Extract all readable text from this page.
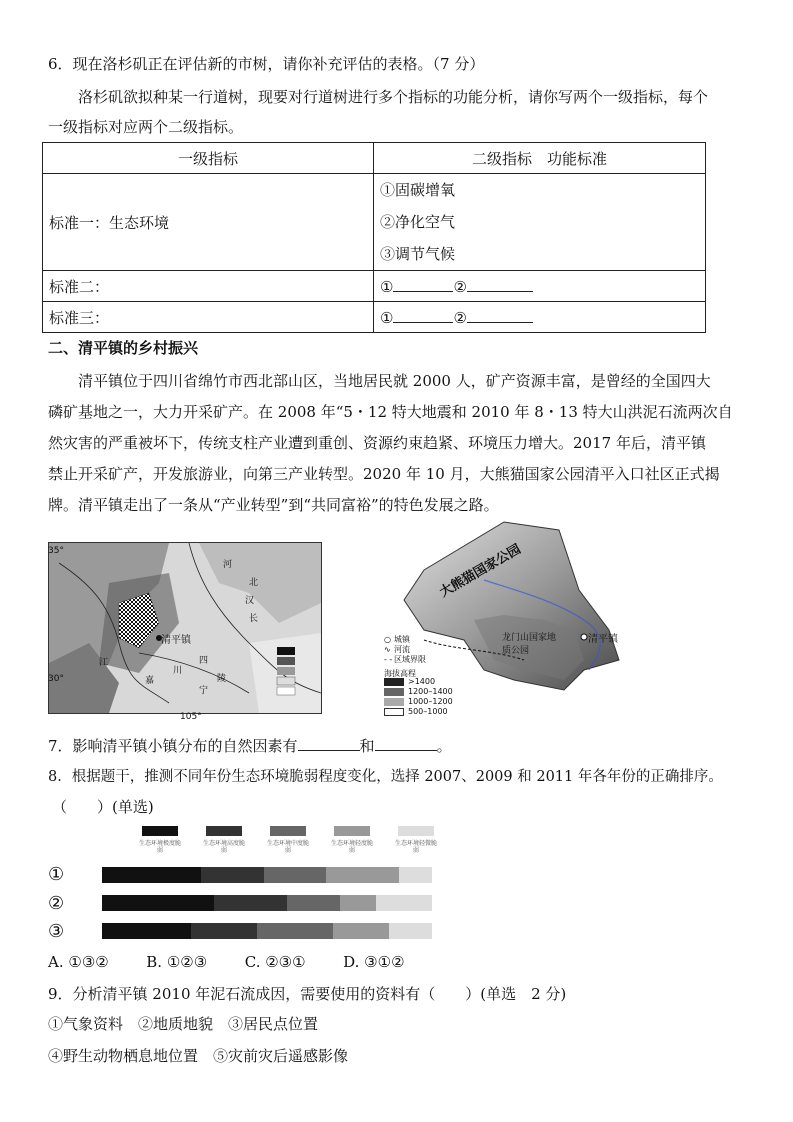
6．现在洛杉矶正在评估新的市树，请你补充评估的表格。（7 分）
洛杉矶欲拟种某一行道树，现要对行道树进行多个指标的功能分析，请你写两个一级指标，每个
一级指标对应两个二级指标。
一级指标	二级指标　功能标准
标准一：生态环境	①固碳增氧
②净化空气
③调节气候

标准二：	① ②
标准三：	① ②
二、清平镇的乡村振兴
清平镇位于四川省绵竹市西北部山区，当地居民就 2000 人，矿产资源丰富，是曾经的全国四大
磷矿基地之一，大力开采矿产。在 2008 年“5・12 特大地震和 2010 年 8・13 特大山洪泥石流两次自
然灾害的严重被坏下，传统支柱产业遭到重创、资源约束趋紧、环境压力增大。2017 年后，清平镇
禁止开采矿产，开发旅游业，向第三产业转型。2020 年 10 月，大熊猫国家公园清平入口社区正式揭
牌。清平镇走出了一条从“产业转型”到“共同富裕”的特色发展之路。
清平镇
河
北
汉
四
川
江
嘉	陵
长
宁
35°
30°
105°
大熊猫国家公园
龙门山国家地质公园
清平镇
○ 城镇
∿ 河流
‐ ‐ 区域界限
海拔高程
>1400
1200–1400
1000–1200
500–1000
7．影响清平镇小镇分布的自然因素有	和	。
8．根据题干，推测不同年份生态环境脆弱程度变化，选择 2007、2009 和 2011 年各年份的正确排序。
（　　）(单选)
生态环境极度脆弱
生态环境高度脆弱
生态环境中度脆弱
生态环境轻度脆弱
生态环境轻微脆弱
①
②
③
A. ①③②	B. ①②③	C. ②③①	D. ③①②
9．分析清平镇 2010 年泥石流成因，需要使用的资料有（　　）(单选　2 分)
①气象资料　②地质地貌　③居民点位置
④野生动物栖息地位置　⑤灾前灾后遥感影像
